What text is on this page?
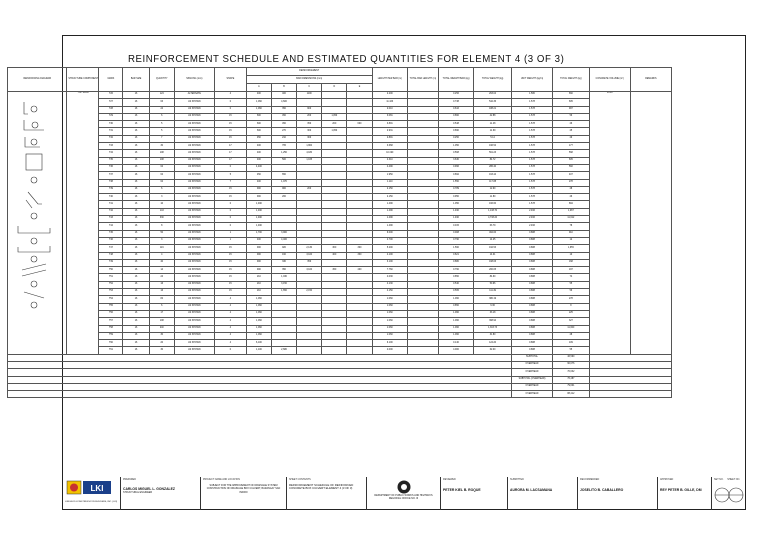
REINFORCEMENT SCHEDULE AND ESTIMATED QUANTITIES FOR ELEMENT 4 (3 OF 3)
REINFORCING DIAGRAM	STRUCTURE COMPONENT	MARK	BAR SIZE	QUANTITY	SPACING (mm)	SHAPE	REINFORCEMENT					LENGTH PER BAR (m)	TOTAL BAR LENGTH (m)	TOTAL WEIGHT/BAR (kg)	TOTAL WEIGHT (kg)	UNIT WEIGHT (kg/m)	TOTAL WEIGHT (kg)	CONCRETE VOLUME (m³)	REMARKS
							BAR DIMENSIONS (mm)												
							A	B	C	D	E								

	TOP SLAB	T26	16	124	ALTERNATE	4	400	400	1100			2.200		0.256	263.04	1.580	660	16.48	
		T27	16	63	AS SHOWN	0	1,060	4,600				11.163		0.738	542.36	1.578	605		
		T28	16	24	AS SHOWN	0	1,060	350	900			2.010		0.616	188.21	1.578	997		
		T29	16	6	AS SHOWN	15	600	450	200	1,050		3.081		0.860	42.88	1.578	56		
		T30	16	5	AS SHOWN	15	600	450	350	200	600	3.891		0.548	11.48	1.578	26		
		T31	16	5	AS SHOWN	15	600	270	300	1,050		2.931		0.890	11.69	1.578	25		
		T32	16	7	AS SHOWN	15	450	210	300			2.891		0.250	5.14	1.578	29		
		T33	16	30	AS SHOWN	17	400	765	1,800			3.668		1.050	196.54	1.578	177		
		T34	16	108	AS SHOWN	17	400	1,250	4,180			10.190		0.568	561.23	1.578	568		
		T35	16	108	AS SHOWN	17	400	500	1,165			4.310		3.630	84.72	1.578	605		
		T36	16	64	AS SHOWN	0	4,400					4.490		0.996	286.40	1.578	582		
		T37	16	64	AS SHOWN	5	450	650				1.950		0.892	163.44	1.578	407		
		T38	16	64	AS SHOWN	7	400	1,070				1.110		1.550	117.88	1.578	278		
		T39	16	6	AS SHOWN	15	900	900	200			2.150		0.789	12.90	1.578	28		
		T40	16	3	AS SHOWN	15	900	200				2.150		0.950	11.80	1.578	26		
		T41	16	10	AS SHOWN	0	1,490					1.490		1.050	166.60	1.578	894		
		T42	16	143	AS SHOWN	0	1,490					1.490		1.490	1,138.70	2.466	1,087		
		T43	16	330	AS SHOWN	0	1,490					1.490		1.490	4,738.20	2.466	11,612		
		T44	16	8	AS SHOWN	0	1,490					1.490		0.015	63.79	2.466	78		
		T45	16	50	AS SHOWN	1	1,700	3,900				6.000		0.008	462.00	0.888	910		
		T46	16	3	AS SHOWN	1	400	4,400				4.700		0.790	14.25	0.888	12		
		T47	16	116	AS SHOWN	15	900	920	2,130	300	300	5.200		1.560	192.53	0.888	1,655		
		T48	16	4	AS SHOWN	15	900	160	3,100	400	330	4.100		0.821	14.01	0.888	10		
		T49	16	40	AS SHOWN	15	900	330	350			3.100		0.880	168.06	0.888	168		
		T50	16	14	AS SHOWN	15	900	350	3,100	450	400	7.760		0.760	200.05	0.888	197		
		T51	16	24	AS SHOWN	15	210	1,030				4.030		0.850	84.60	0.888	74		
		T52	16	16	AS SHOWN	15	210	3,150				4.130		0.540	50.96	0.888	55		
		T53	16	16	AS SHOWN	15	210	1,650	2,150			4.150		0.565	111.49	0.888	56		
		T54	16	84	AS SHOWN	4	1,060					1.060		1.060	380.19	0.888	278		
		T55	16	6	AS SHOWN	4	1,060					1.060		0.850	6.36	0.888	8		
		T56	16	17	AS SHOWN	4	1,060					1.060		1.060	33.18	0.888	225		
		T57	16	108	AS SHOWN	4	1,060					1.060		1.060	368.94	0.888	327		
		T58	16	240	AS SHOWN	4	1,060					1.060		1.060	1,303.73	0.888	11,600		
		T59	16	30	AS SHOWN	4	1,060					1.060		1.060	31.80	0.888	28		
		T60	16	20	AS SHOWN	4	6,100					6.100		0.140	124.20	0.888	109		
		T61	16	30	AS SHOWN	0	1,100	2,680				4.000		4.000	62.00	0.888	55		
																SUBTOTAL	46,590		
																OVERHEAD	90,676		
																OVERHEAD	70,632		
																SUBTOTAL (OVERHEAD)	76,487		
																OVERHEAD	79,601		
																OVERHEAD	88,412		
LKI
LUNGSOD KONSTRUKSYON BUILDERS, INC. (LKI)
PREPARED
CARLOS MIGUEL L. GONZALEZ
STRUCTURAL ENGINEER
PROJECT NAME AND LOCATION
SUBJECT FOR THE IMPROVEMENT OF DRAINAGE SYSTEM
CONSTRUCTION OF DRAINAGE BOX CULVERT, BARANGAY SAN ISIDRO
SHEET CONTENTS
REINFORCEMENT SCHEDULE OF REINFORCED CONCRETE BOX CULVERT ELEMENT 4 (3 OF 3)
DEPARTMENT OF PUBLIC WORKS AND HIGHWAYS
REGIONAL OFFICE NO. III
REVIEWED
PETER KIEL B. ROQUE
SUBMITTED
AURORA M. LACSAMANA
RECOMMENDED
JOSELITO B. CABALLERO
APPROVED
REY PETER B. GILLE, DM
SET NO. SHEET NO.
